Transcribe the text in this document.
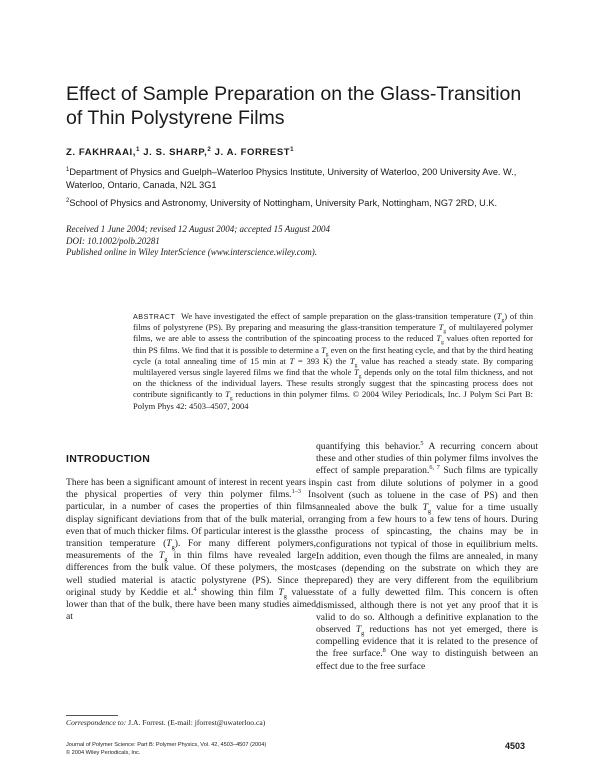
Effect of Sample Preparation on the Glass-Transition of Thin Polystyrene Films
Z. FAKHRAAI,$^1$ J. S. SHARP,$^2$ J. A. FORREST$^1$
$^1$Department of Physics and Guelph–Waterloo Physics Institute, University of Waterloo, 200 University Ave. W., Waterloo, Ontario, Canada, N2L 3G1
$^2$School of Physics and Astronomy, University of Nottingham, University Park, Nottingham, NG7 2RD, U.K.
Received 1 June 2004; revised 12 August 2004; accepted 15 August 2004
DOI: 10.1002/polb.20281
Published online in Wiley InterScience (www.interscience.wiley.com).
ABSTRACT We have investigated the effect of sample preparation on the glass-transition temperature $(T_g)$ of thin films of polystyrene (PS). By preparing and measuring the glass-transition temperature $T_g$ of multilayered polymer films, we are able to assess the contribution of the spincoating process to the reduced $T_g$ values often reported for thin PS films. We find that it is possible to determine a $T_g$ even on the first heating cycle, and that by the third heating cycle (a total annealing time of 15 min at T = 393 K) the $T_g$ value has reached a steady state. By comparing multilayered versus single layered films we find that the whole $T_g$ depends only on the total film thickness, and not on the thickness of the individual layers. These results strongly suggest that the spincasting process does not contribute significantly to $T_g$ reductions in thin polymer films. © 2004 Wiley Periodicals, Inc. J Polym Sci Part B: Polym Phys 42: 4503–4507, 2004
INTRODUCTION
There has been a significant amount of interest in recent years in the physical properties of very thin polymer films.$^{1-3}$ In particular, in a number of cases the properties of thin films display significant deviations from that of the bulk material, or even that of much thicker films. Of particular interest is the glass transition temperature $(T_g)$. For many different polymers, measurements of the $T_g$ in thin films have revealed large differences from the bulk value. Of these polymers, the most well studied material is atactic polystyrene (PS). Since the original study by Keddie et al.$^4$ showing thin film $T_g$ values lower than that of the bulk, there have been many studies aimed at
quantifying this behavior.$^5$ A recurring concern about these and other studies of thin polymer films involves the effect of sample preparation.$^{6, 7}$ Such films are typically spin cast from dilute solutions of polymer in a good solvent (such as toluene in the case of PS) and then annealed above the bulk $T_g$ value for a time usually ranging from a few hours to a few tens of hours. During the process of spincasting, the chains may be in configurations not typical of those in equilibrium melts. In addition, even though the films are annealed, in many cases (depending on the substrate on which they are prepared) they are very different from the equilibrium state of a fully dewetted film. This concern is often dismissed, although there is not yet any proof that it is valid to do so. Although a definitive explanation to the observed $T_g$ reductions has not yet emerged, there is compelling evidence that it is related to the presence of the free surface.$^8$ One way to distinguish between an effect due to the free surface
Correspondence to: J.A. Forrest. (E-mail: jforrest@uwaterloo.ca)
Journal of Polymer Science: Part B: Polymer Physics, Vol. 42, 4503–4507 (2004)
© 2004 Wiley Periodicals, Inc.
4503
